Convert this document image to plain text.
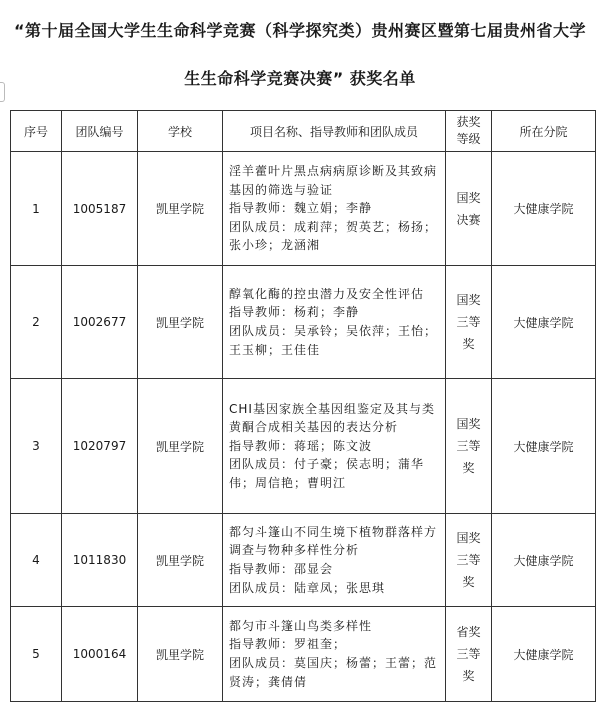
“第十届全国大学生生命科学竞赛（科学探究类）贵州赛区暨第七届贵州省大学
生生命科学竞赛决赛” 获奖名单
序号	团队编号	学校	项目名称、指导教师和团队成员	获奖等级	所在分院
1	1005187	凯里学院	淫羊藿叶片黑点病病原诊断及其致病基因的筛选与验证
指导教师：魏立娟；李静
团队成员：成莉萍；贺英艺；杨扬；张小珍；龙涵湘	国奖决赛	大健康学院
2	1002677	凯里学院	醇氧化酶的控虫潜力及安全性评估
指导教师：杨莉；李静
团队成员：吴承铃；吴依萍；王怡；王玉柳；王佳佳	国奖三等奖	大健康学院
3	1020797	凯里学院	CHI基因家族全基因组鉴定及其与类黄酮合成相关基因的表达分析
指导教师：蒋瑶；陈文波
团队成员：付子豪；侯志明；蒲华伟；周信艳；曹明江	国奖三等奖	大健康学院
4	1011830	凯里学院	都匀斗篷山不同生境下植物群落样方调查与物种多样性分析
指导教师：邵显会
团队成员：陆章凤；张思琪	国奖三等奖	大健康学院
5	1000164	凯里学院	都匀市斗篷山鸟类多样性
指导教师：罗祖奎；
团队成员：莫国庆；杨蕾；王蕾；范贤涛；龚倩倩	省奖三等奖	大健康学院
